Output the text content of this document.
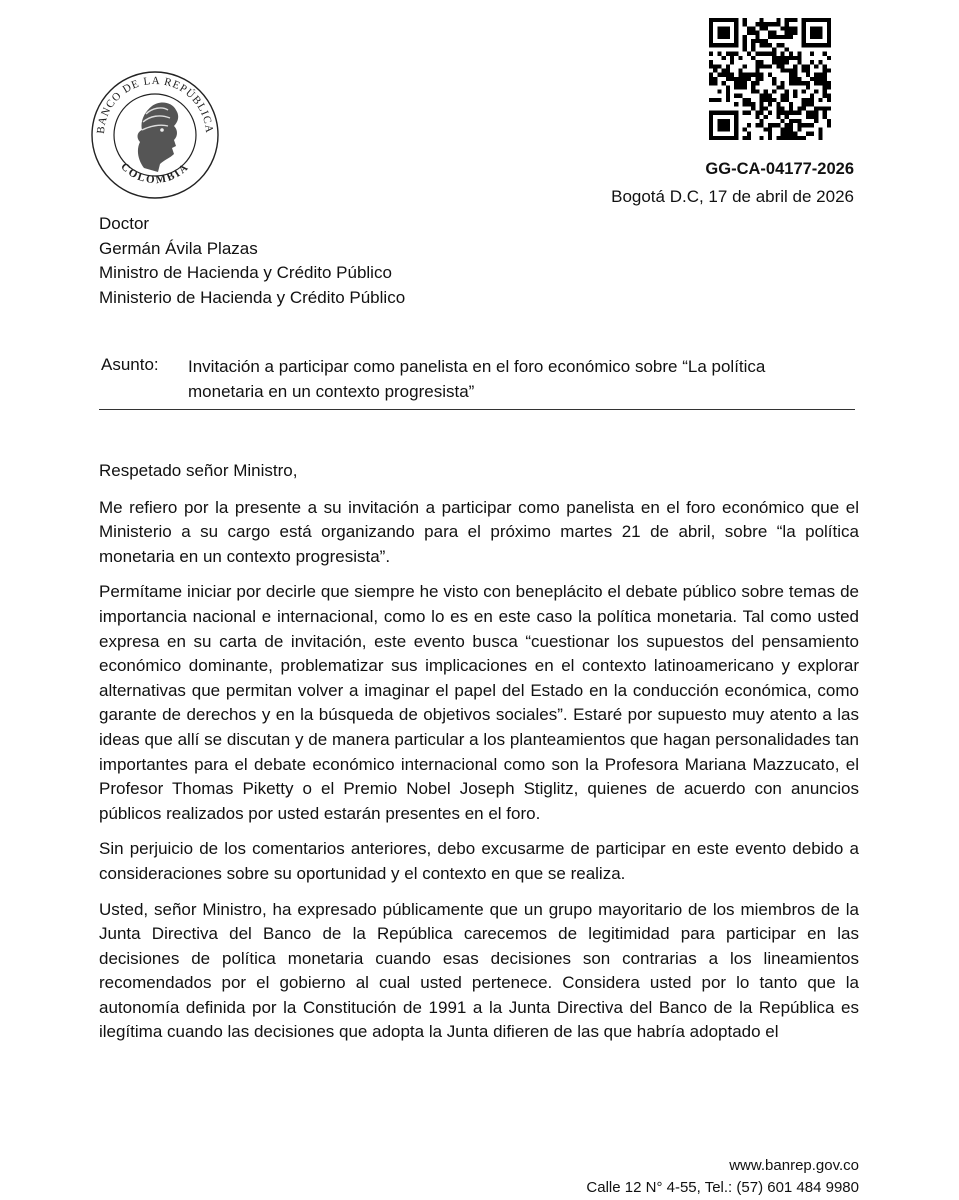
BANCO DE LA REPÚBLICA
COLOMBIA	GG-CA-04177-2026
Bogotá D.C, 17 de abril de 2026
Doctor
Germán Ávila Plazas
Ministro de Hacienda y Crédito Público
Ministerio de Hacienda y Crédito Público
Asunto: Invitación a participar como panelista en el foro económico sobre “La política monetaria en un contexto progresista”

Respetado señor Ministro,

Me refiero por la presente a su invitación a participar como panelista en el foro económico que el Ministerio a su cargo está organizando para el próximo martes 21 de abril, sobre “la política monetaria en un contexto progresista”.

Permítame iniciar por decirle que siempre he visto con beneplácito el debate público sobre temas de importancia nacional e internacional, como lo es en este caso la política monetaria. Tal como usted expresa en su carta de invitación, este evento busca “cuestionar los supuestos del pensamiento económico dominante, problematizar sus implicaciones en el contexto latinoamericano y explorar alternativas que permitan volver a imaginar el papel del Estado en la conducción económica, como garante de derechos y en la búsqueda de objetivos sociales”. Estaré por supuesto muy atento a las ideas que allí se discutan y de manera particular a los planteamientos que hagan personalidades tan importantes para el debate económico internacional como son la Profesora Mariana Mazzucato, el Profesor Thomas Piketty o el Premio Nobel Joseph Stiglitz, quienes de acuerdo con anuncios públicos realizados por usted estarán presentes en el foro.

Sin perjuicio de los comentarios anteriores, debo excusarme de participar en este evento debido a consideraciones sobre su oportunidad y el contexto en que se realiza.

Usted, señor Ministro, ha expresado públicamente que un grupo mayoritario de los miembros de la Junta Directiva del Banco de la República carecemos de legitimidad para participar en las decisiones de política monetaria cuando esas decisiones son contrarias a los lineamientos recomendados por el gobierno al cual usted pertenece. Considera usted por lo tanto que la autonomía definida por la Constitución de 1991 a la Junta Directiva del Banco de la República es ilegítima cuando las decisiones que adopta la Junta difieren de las que habría adoptado el

www.banrep.gov.co
Calle 12 N° 4-55, Tel.: (57) 601 484 9980
